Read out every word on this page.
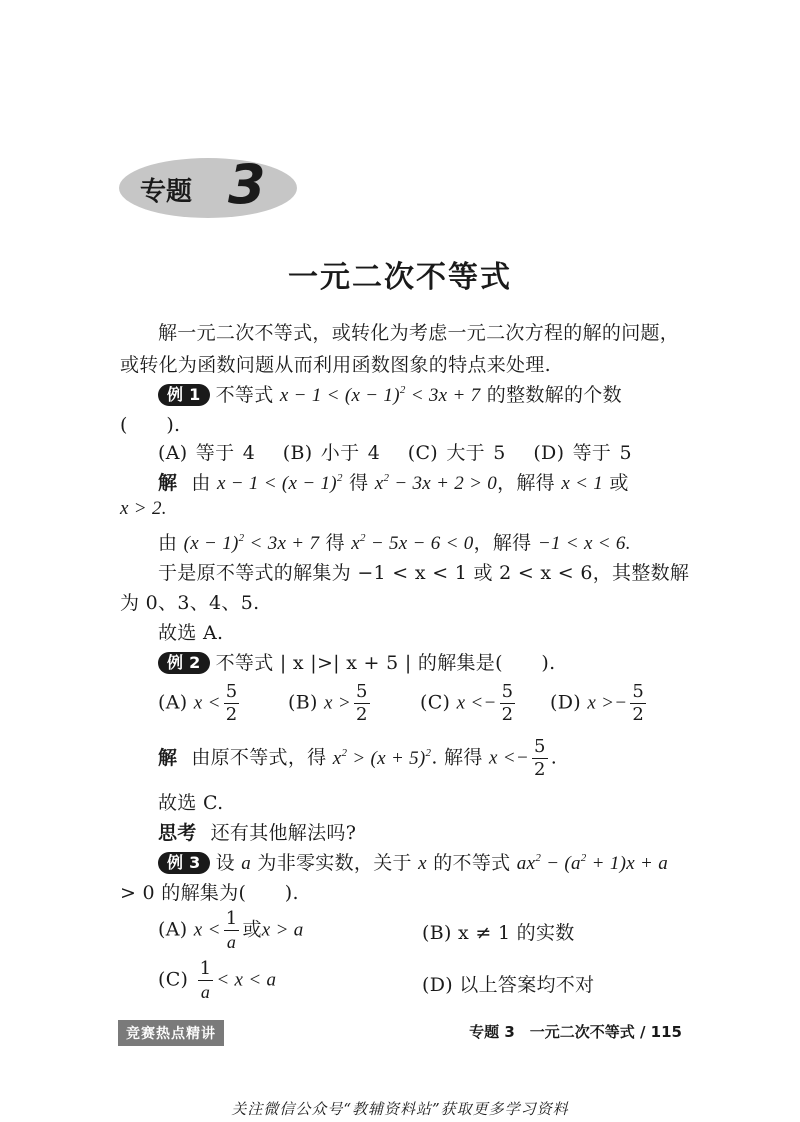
专题 3
一元二次不等式
解一元二次不等式，或转化为考虑一元二次方程的解的问题，
或转化为函数问题从而利用函数图象的特点来处理.
例 1 不等式 $x - 1 < (x - 1)^2 < 3x + 7$ 的整数解的个数
(　　).
(A) 等于 4　 (B) 小于 4　 (C) 大于 5　 (D) 等于 5
解 由 $x - 1 < (x - 1)^2$ 得 $x^2 - 3x + 2 > 0$，解得 x < 1 或
x > 2.
由 $(x - 1)^2 < 3x + 7$ 得 $x^2 - 5x - 6 < 0$，解得 −1 < x < 6.
于是原不等式的解集为 −1 < x < 1 或 2 < x < 6，其整数解
为 0、3、4、5.
故选 A.
例 2 不等式 | x |>| x + 5 | 的解集是(　　).
(A) $x < \frac{5}{2}$	(B) $x > \frac{5}{2}$	(C) $x <- \frac{5}{2} (D) x >- \frac{5}{2}$
解 由原不等式，得 $x^2 > (x + 5)^2$. 解得 $x <- \frac{5}{2}$ .
故选 C.
思考 还有其他解法吗?
例 3 设 a 为非零实数，关于 x 的不等式 $ax^2 - (a^2 + 1)x + a$
> 0 的解集为(　　).
(A) $x < \frac{1}{a}$ 或x > a	(B) x ≠ 1 的实数
$(C) \frac{1}{a} < x < a$	(D) 以上答案均不对
竞赛热点精讲	专题 3　一元二次不等式 / 115
关注微信公众号“教辅资料站”获取更多学习资料
